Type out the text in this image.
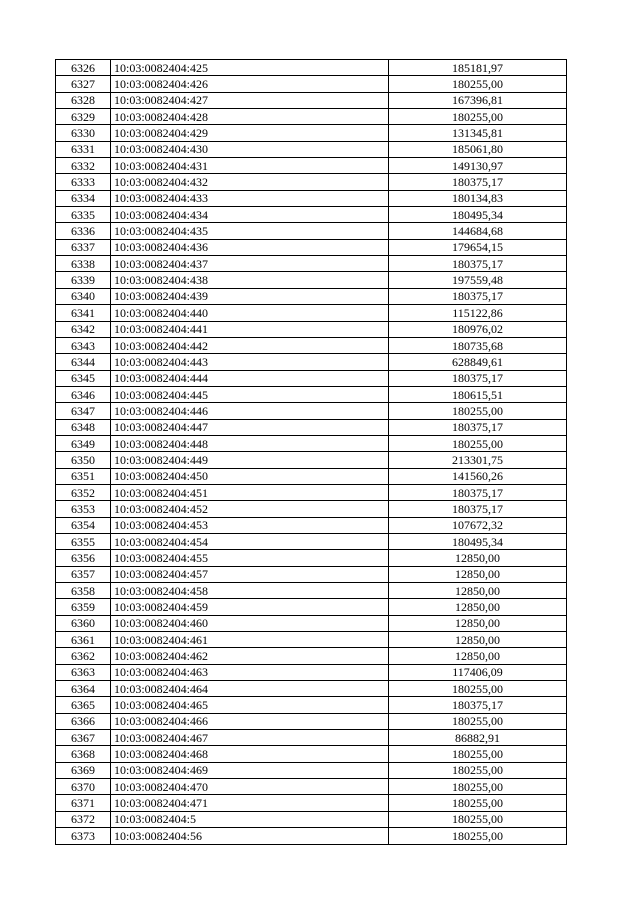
6326	10:03:0082404:425	185181,97
6327	10:03:0082404:426	180255,00
6328	10:03:0082404:427	167396,81
6329	10:03:0082404:428	180255,00
6330	10:03:0082404:429	131345,81
6331	10:03:0082404:430	185061,80
6332	10:03:0082404:431	149130,97
6333	10:03:0082404:432	180375,17
6334	10:03:0082404:433	180134,83
6335	10:03:0082404:434	180495,34
6336	10:03:0082404:435	144684,68
6337	10:03:0082404:436	179654,15
6338	10:03:0082404:437	180375,17
6339	10:03:0082404:438	197559,48
6340	10:03:0082404:439	180375,17
6341	10:03:0082404:440	115122,86
6342	10:03:0082404:441	180976,02
6343	10:03:0082404:442	180735,68
6344	10:03:0082404:443	628849,61
6345	10:03:0082404:444	180375,17
6346	10:03:0082404:445	180615,51
6347	10:03:0082404:446	180255,00
6348	10:03:0082404:447	180375,17
6349	10:03:0082404:448	180255,00
6350	10:03:0082404:449	213301,75
6351	10:03:0082404:450	141560,26
6352	10:03:0082404:451	180375,17
6353	10:03:0082404:452	180375,17
6354	10:03:0082404:453	107672,32
6355	10:03:0082404:454	180495,34
6356	10:03:0082404:455	12850,00
6357	10:03:0082404:457	12850,00
6358	10:03:0082404:458	12850,00
6359	10:03:0082404:459	12850,00
6360	10:03:0082404:460	12850,00
6361	10:03:0082404:461	12850,00
6362	10:03:0082404:462	12850,00
6363	10:03:0082404:463	117406,09
6364	10:03:0082404:464	180255,00
6365	10:03:0082404:465	180375,17
6366	10:03:0082404:466	180255,00
6367	10:03:0082404:467	86882,91
6368	10:03:0082404:468	180255,00
6369	10:03:0082404:469	180255,00
6370	10:03:0082404:470	180255,00
6371	10:03:0082404:471	180255,00
6372	10:03:0082404:5	180255,00
6373	10:03:0082404:56	180255,00
